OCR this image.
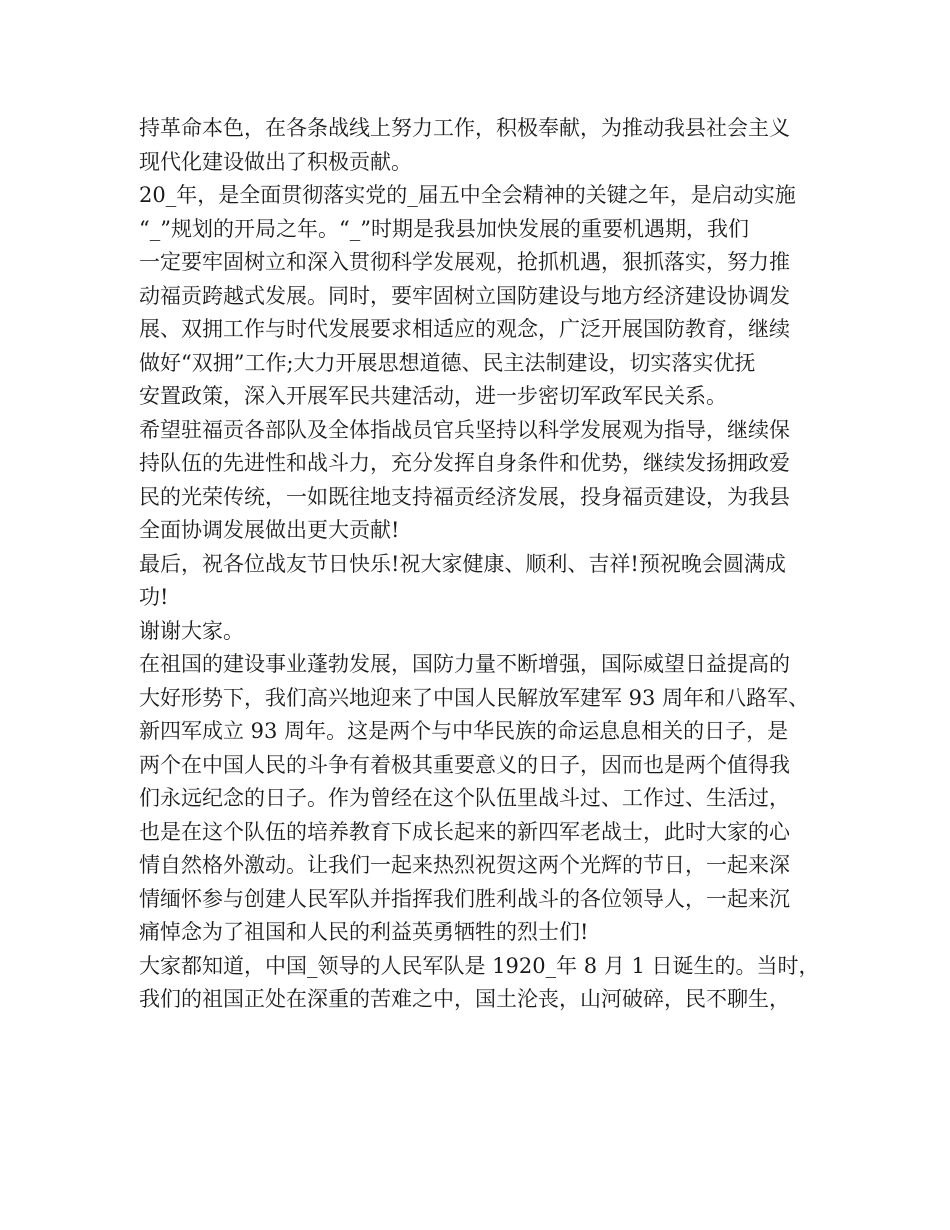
持革命本色，在各条战线上努力工作，积极奉献，为推动我县社会主义
现代化建设做出了积极贡献。
20_年，是全面贯彻落实党的_届五中全会精神的关键之年，是启动实施
“_”规划的开局之年。“_”时期是我县加快发展的重要机遇期，我们
一定要牢固树立和深入贯彻科学发展观，抢抓机遇，狠抓落实，努力推
动福贡跨越式发展。同时，要牢固树立国防建设与地方经济建设协调发
展、双拥工作与时代发展要求相适应的观念，广泛开展国防教育，继续
做好“双拥”工作;大力开展思想道德、民主法制建设，切实落实优抚
安置政策，深入开展军民共建活动，进一步密切军政军民关系。
希望驻福贡各部队及全体指战员官兵坚持以科学发展观为指导，继续保
持队伍的先进性和战斗力，充分发挥自身条件和优势，继续发扬拥政爱
民的光荣传统，一如既往地支持福贡经济发展，投身福贡建设，为我县
全面协调发展做出更大贡献!
最后，祝各位战友节日快乐!祝大家健康、顺利、吉祥!预祝晚会圆满成
功!
谢谢大家。
在祖国的建设事业蓬勃发展，国防力量不断增强，国际威望日益提高的
大好形势下，我们高兴地迎来了中国人民解放军建军 93 周年和八路军、
新四军成立 93 周年。这是两个与中华民族的命运息息相关的日子，是
两个在中国人民的斗争有着极其重要意义的日子，因而也是两个值得我
们永远纪念的日子。作为曾经在这个队伍里战斗过、工作过、生活过，
也是在这个队伍的培养教育下成长起来的新四军老战士，此时大家的心
情自然格外激动。让我们一起来热烈祝贺这两个光辉的节日，一起来深
情缅怀参与创建人民军队并指挥我们胜利战斗的各位领导人，一起来沉
痛悼念为了祖国和人民的利益英勇牺牲的烈士们!
大家都知道，中国_领导的人民军队是 1920_年 8 月 1 日诞生的。当时，
我们的祖国正处在深重的苦难之中，国土沦丧，山河破碎，民不聊生，
